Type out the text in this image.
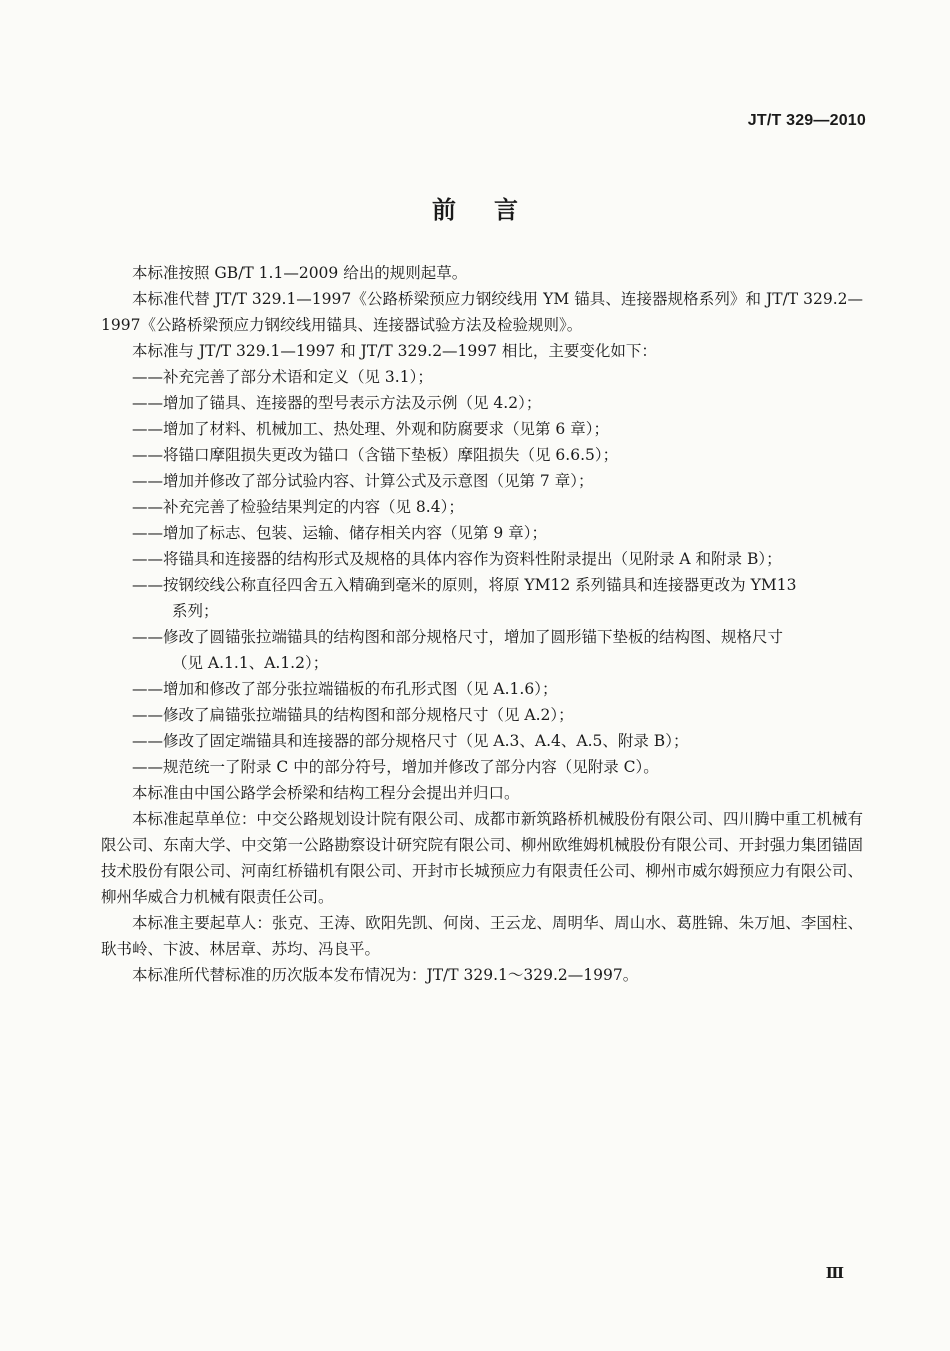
JT/T 329—2010
前言

本标准按照 GB/T 1.1—2009 给出的规则起草。

本标准代替 JT/T 329.1—1997《公路桥梁预应力钢绞线用 YM 锚具、连接器规格系列》和 JT/T 329.2—1997《公路桥梁预应力钢绞线用锚具、连接器试验方法及检验规则》。

本标准与 JT/T 329.1—1997 和 JT/T 329.2—1997 相比，主要变化如下：

——补充完善了部分术语和定义（见 3.1）；

——增加了锚具、连接器的型号表示方法及示例（见 4.2）；

——增加了材料、机械加工、热处理、外观和防腐要求（见第 6 章）；

——将锚口摩阻损失更改为锚口（含锚下垫板）摩阻损失（见 6.6.5）；

——增加并修改了部分试验内容、计算公式及示意图（见第 7 章）；

——补充完善了检验结果判定的内容（见 8.4）；

——增加了标志、包装、运输、储存相关内容（见第 9 章）；

——将锚具和连接器的结构形式及规格的具体内容作为资料性附录提出（见附录 A 和附录 B）；

——按钢绞线公称直径四舍五入精确到毫米的原则，将原 YM12 系列锚具和连接器更改为 YM13

系列；

——修改了圆锚张拉端锚具的结构图和部分规格尺寸，增加了圆形锚下垫板的结构图、规格尺寸

（见 A.1.1、A.1.2）；

——增加和修改了部分张拉端锚板的布孔形式图（见 A.1.6）；

——修改了扁锚张拉端锚具的结构图和部分规格尺寸（见 A.2）；

——修改了固定端锚具和连接器的部分规格尺寸（见 A.3、A.4、A.5、附录 B）；

——规范统一了附录 C 中的部分符号，增加并修改了部分内容（见附录 C）。

本标准由中国公路学会桥梁和结构工程分会提出并归口。

本标准起草单位：中交公路规划设计院有限公司、成都市新筑路桥机械股份有限公司、四川腾中重工机械有限公司、东南大学、中交第一公路勘察设计研究院有限公司、柳州欧维姆机械股份有限公司、开封强力集团锚固技术股份有限公司、河南红桥锚机有限公司、开封市长城预应力有限责任公司、柳州市威尔姆预应力有限公司、柳州华威合力机械有限责任公司。

本标准主要起草人：张克、王涛、欧阳先凯、何岗、王云龙、周明华、周山水、葛胜锦、朱万旭、李国柱、耿书岭、卞波、林居章、苏均、冯良平。

本标准所代替标准的历次版本发布情况为：JT/T 329.1～329.2—1997。

Ⅲ
